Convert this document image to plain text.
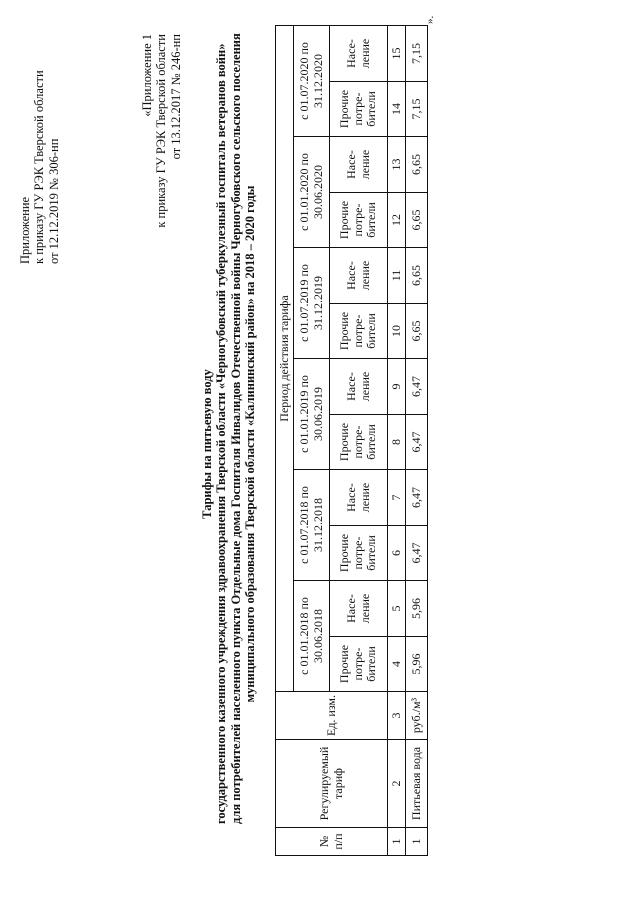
Приложение к приказу ГУ РЭК Тверской области от 12.12.2019 № 306-нп
«Приложение 1 к приказу ГУ РЭК Тверской области от 13.12.2017 № 246-нп
Тарифы на питьевую воду государственного казенного учреждения здравоохранения Тверской области «Черногубовский туберкулезный госпиталь ветеранов войн» для потребителей населенного пункта Отдельные дома Госпиталя Инвалидов Отечественной войны Черногубовского сельского поселения муниципального образования Тверской области «Калининский район» на 2018 – 2020 годы
№ п/п	Регулируемый тариф	Ед. изм.	Период действия тарифа											
			с 01.01.2018 по 30.06.2018		с 01.07.2018 по 31.12.2018		с 01.01.2019 по 30.06.2019		с 01.07.2019 по 31.12.2019		с 01.01.2020 по 30.06.2020		с 01.07.2020 по 31.12.2020	
			Прочие потре-бители	Насе-ление	Прочие потре-бители	Насе-ление	Прочие потре-бители	Насе-ление	Прочие потре-бители	Насе-ление	Прочие потре-бители	Насе-ление	Прочие потре-бители	Насе-ление
1	2	3	4	5	6	7	8	9	10	11	12	13	14	15
1	Питьевая вода	руб./м³	5,96	5,96	6,47	6,47	6,47	6,47	6,65	6,65	6,65	6,65	7,15	7,15
».
